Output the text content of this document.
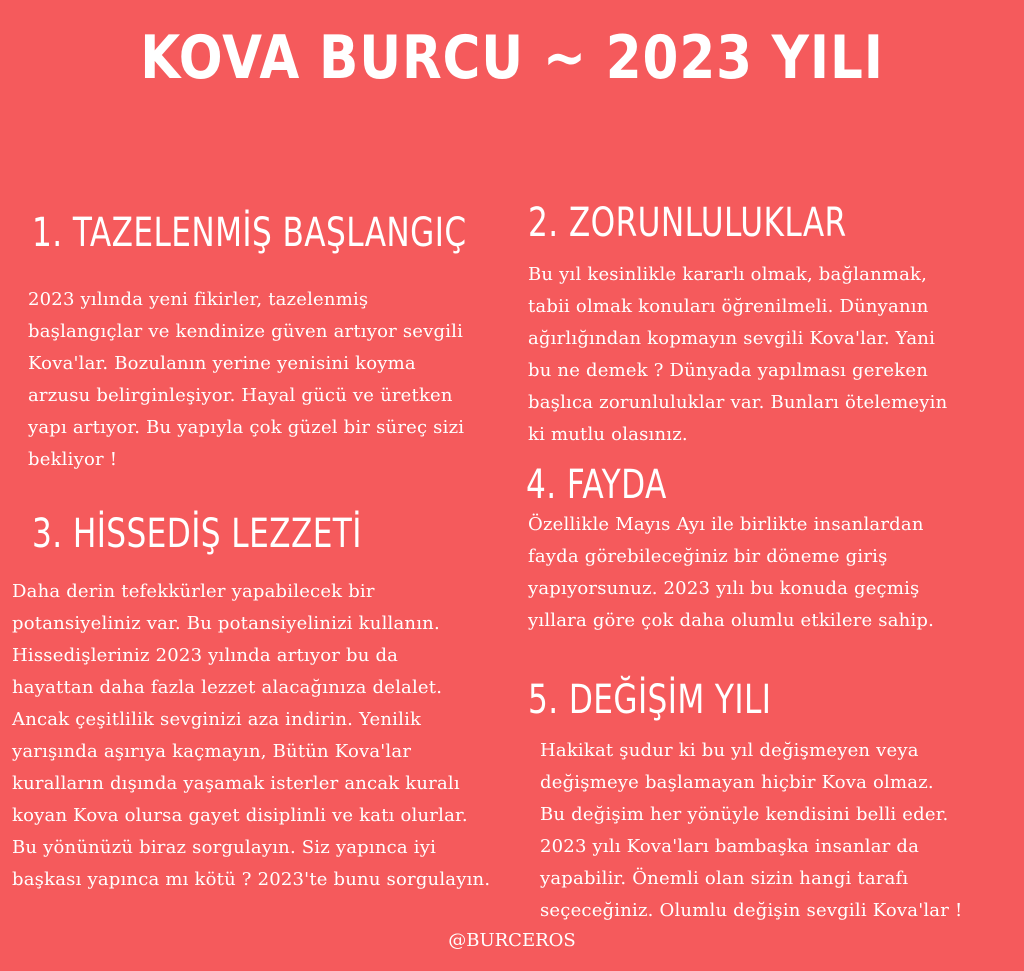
KOVA BURCU ~ 2023 YILI
1. TAZELENMİŞ BAŞLANGIÇ
2023 yılında yeni fikirler, tazelenmiş
başlangıçlar ve kendinize güven artıyor sevgili
Kova'lar. Bozulanın yerine yenisini koyma
arzusu belirginleşiyor. Hayal gücü ve üretken
yapı artıyor. Bu yapıyla çok güzel bir süreç sizi
bekliyor !
2. ZORUNLULUKLAR
Bu yıl kesinlikle kararlı olmak, bağlanmak,
tabii olmak konuları öğrenilmeli. Dünyanın
ağırlığından kopmayın sevgili Kova'lar. Yani
bu ne demek ? Dünyada yapılması gereken
başlıca zorunluluklar var. Bunları ötelemeyin
ki mutlu olasınız.
3. HİSSEDİŞ LEZZETİ
Daha derin tefekkürler yapabilecek bir
potansiyeliniz var. Bu potansiyelinizi kullanın.
Hissedişleriniz 2023 yılında artıyor bu da
hayattan daha fazla lezzet alacağınıza delalet.
Ancak çeşitlilik sevginizi aza indirin. Yenilik
yarışında aşırıya kaçmayın, Bütün Kova'lar
kuralların dışında yaşamak isterler ancak kuralı
koyan Kova olursa gayet disiplinli ve katı olurlar.
Bu yönünüzü biraz sorgulayın. Siz yapınca iyi
başkası yapınca mı kötü ? 2023'te bunu sorgulayın.
4. FAYDA
Özellikle Mayıs Ayı ile birlikte insanlardan
fayda görebileceğiniz bir döneme giriş
yapıyorsunuz. 2023 yılı bu konuda geçmiş
yıllara göre çok daha olumlu etkilere sahip.
5. DEĞİŞİM YILI
Hakikat şudur ki bu yıl değişmeyen veya
değişmeye başlamayan hiçbir Kova olmaz.
Bu değişim her yönüyle kendisini belli eder.
2023 yılı Kova'ları bambaşka insanlar da
yapabilir. Önemli olan sizin hangi tarafı
seçeceğiniz. Olumlu değişin sevgili Kova'lar !
@BURCEROS
